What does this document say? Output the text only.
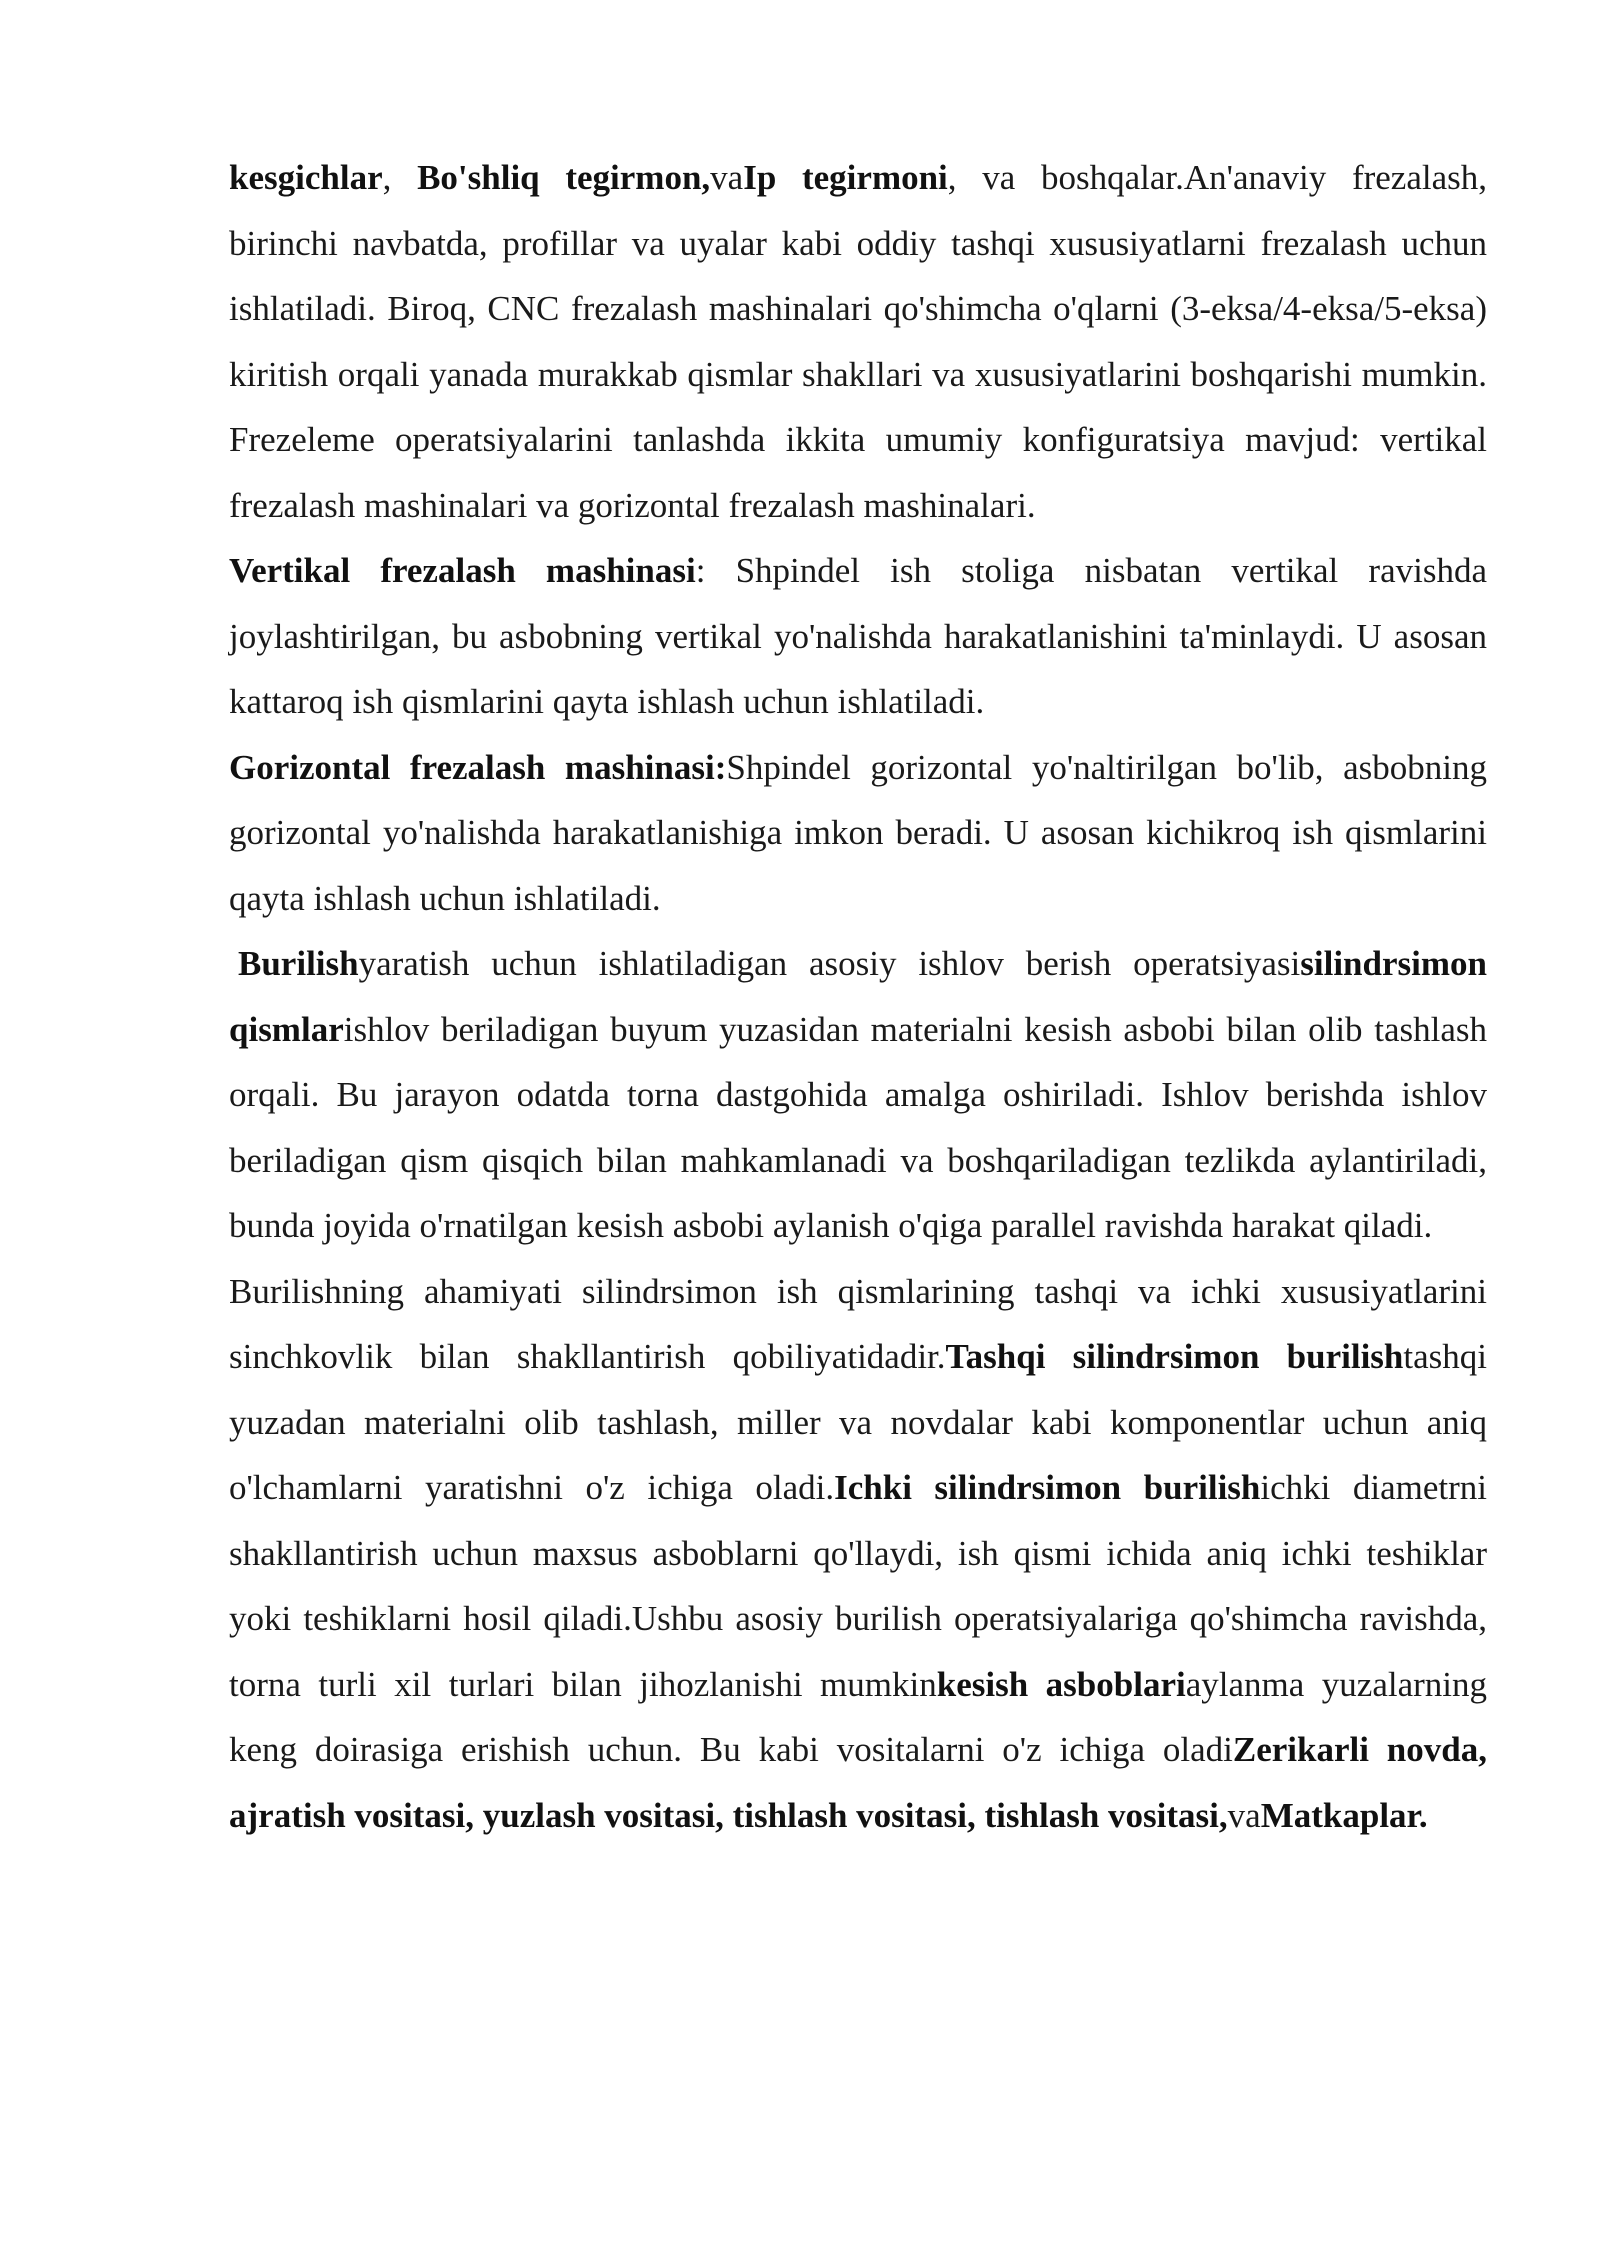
kesgichlar, Bo'shliq tegirmon,vaIp tegirmoni, va boshqalar.An'anaviy frezalash, birinchi navbatda, profillar va uyalar kabi oddiy tashqi xususiyatlarni frezalash uchun ishlatiladi. Biroq, CNC frezalash mashinalari qo'shimcha o'qlarni (3-eksa/4-eksa/5-eksa) kiritish orqali yanada murakkab qismlar shakllari va xususiyatlarini boshqarishi mumkin. Frezeleme operatsiyalarini tanlashda ikkita umumiy konfiguratsiya mavjud: vertikal frezalash mashinalari va gorizontal frezalash mashinalari.

Vertikal frezalash mashinasi: Shpindel ish stoliga nisbatan vertikal ravishda joylashtirilgan, bu asbobning vertikal yo'nalishda harakatlanishini ta'minlaydi. U asosan kattaroq ish qismlarini qayta ishlash uchun ishlatiladi.

Gorizontal frezalash mashinasi:Shpindel gorizontal yo'naltirilgan bo'lib, asbobning gorizontal yo'nalishda harakatlanishiga imkon beradi. U asosan kichikroq ish qismlarini qayta ishlash uchun ishlatiladi.

Burilishyaratish uchun ishlatiladigan asosiy ishlov berish operatsiyasisilindrsimon qismlarishlov beriladigan buyum yuzasidan materialni kesish asbobi bilan olib tashlash orqali. Bu jarayon odatda torna dastgohida amalga oshiriladi. Ishlov berishda ishlov beriladigan qism qisqich bilan mahkamlanadi va boshqariladigan tezlikda aylantiriladi, bunda joyida o'rnatilgan kesish asbobi aylanish o'qiga parallel ravishda harakat qiladi.

Burilishning ahamiyati silindrsimon ish qismlarining tashqi va ichki xususiyatlarini sinchkovlik bilan shakllantirish qobiliyatidadir.Tashqi silindrsimon burilishtashqi yuzadan materialni olib tashlash, miller va novdalar kabi komponentlar uchun aniq o'lchamlarni yaratishni o'z ichiga oladi.Ichki silindrsimon burilishichki diametrni shakllantirish uchun maxsus asboblarni qo'llaydi, ish qismi ichida aniq ichki teshiklar yoki teshiklarni hosil qiladi.Ushbu asosiy burilish operatsiyalariga qo'shimcha ravishda, torna turli xil turlari bilan jihozlanishi mumkinkesish asboblariaylanma yuzalarning keng doirasiga erishish uchun. Bu kabi vositalarni o'z ichiga oladiZerikarli novda, ajratish vositasi, yuzlash vositasi, tishlash vositasi, tishlash vositasi,vaMatkaplar.
